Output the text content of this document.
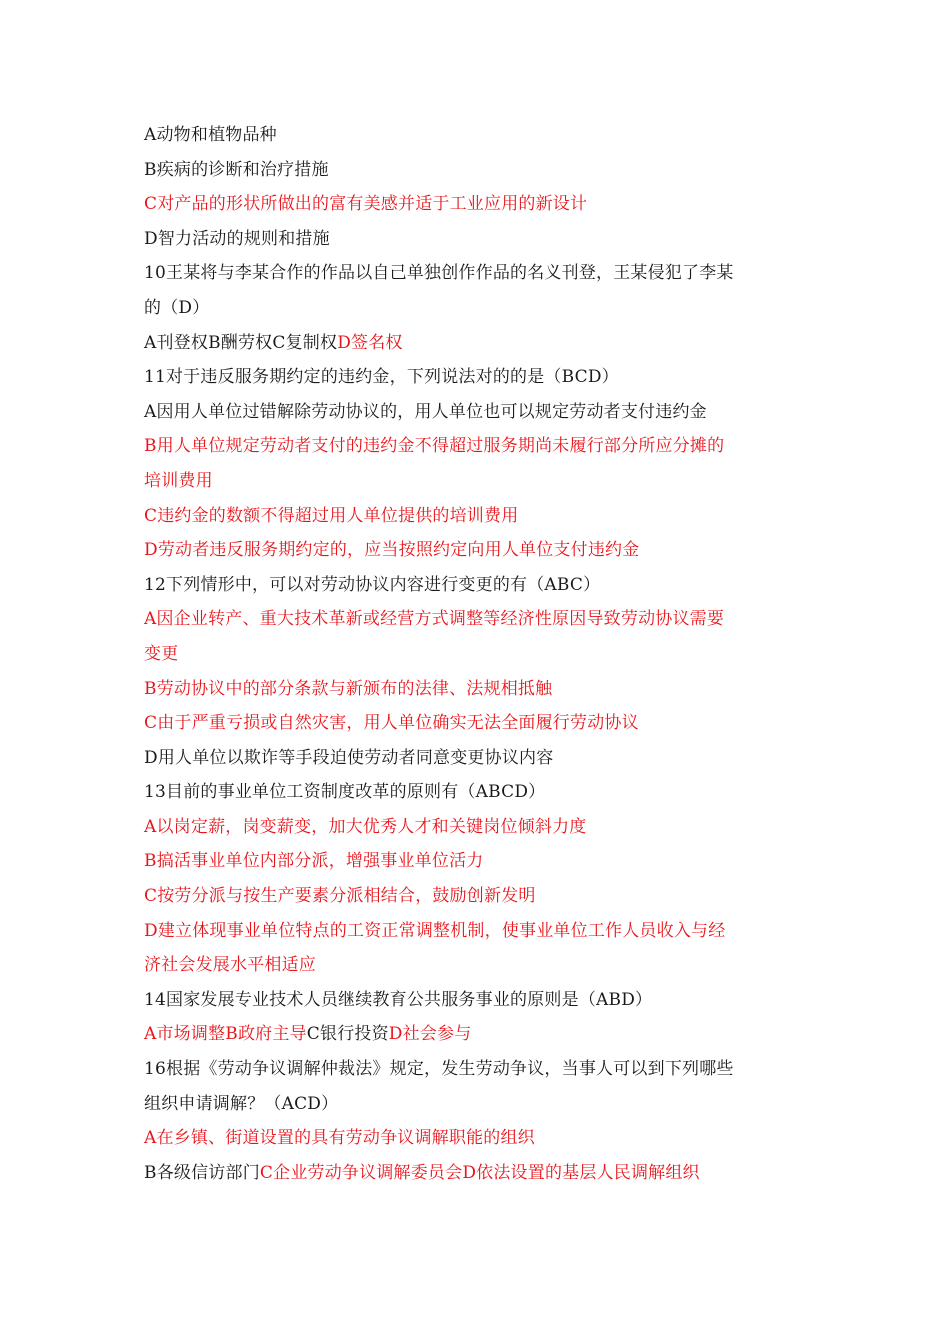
A动物和植物品种
B疾病的诊断和治疗措施
C对产品的形状所做出的富有美感并适于工业应用的新设计
D智力活动的规则和措施
10王某将与李某合作的作品以自己单独创作作品的名义刊登，王某侵犯了李某
的（D）
A刊登权B酬劳权C复制权D签名权
11对于违反服务期约定的违约金，下列说法对的的是（BCD）
A因用人单位过错解除劳动协议的，用人单位也可以规定劳动者支付违约金
B用人单位规定劳动者支付的违约金不得超过服务期尚未履行部分所应分摊的
培训费用
C违约金的数额不得超过用人单位提供的培训费用
D劳动者违反服务期约定的，应当按照约定向用人单位支付违约金
12下列情形中，可以对劳动协议内容进行变更的有（ABC）
A因企业转产、重大技术革新或经营方式调整等经济性原因导致劳动协议需要
变更
B劳动协议中的部分条款与新颁布的法律、法规相抵触
C由于严重亏损或自然灾害，用人单位确实无法全面履行劳动协议
D用人单位以欺诈等手段迫使劳动者同意变更协议内容
13目前的事业单位工资制度改革的原则有（ABCD）
A以岗定薪，岗变薪变，加大优秀人才和关键岗位倾斜力度
B搞活事业单位内部分派，增强事业单位活力
C按劳分派与按生产要素分派相结合，鼓励创新发明
D建立体现事业单位特点的工资正常调整机制，使事业单位工作人员收入与经
济社会发展水平相适应
14国家发展专业技术人员继续教育公共服务事业的原则是（ABD）
A市场调整B政府主导C银行投资D社会参与
16根据《劳动争议调解仲裁法》规定，发生劳动争议，当事人可以到下列哪些
组织申请调解？（ACD）
A在乡镇、街道设置的具有劳动争议调解职能的组织
B各级信访部门C企业劳动争议调解委员会D依法设置的基层人民调解组织
